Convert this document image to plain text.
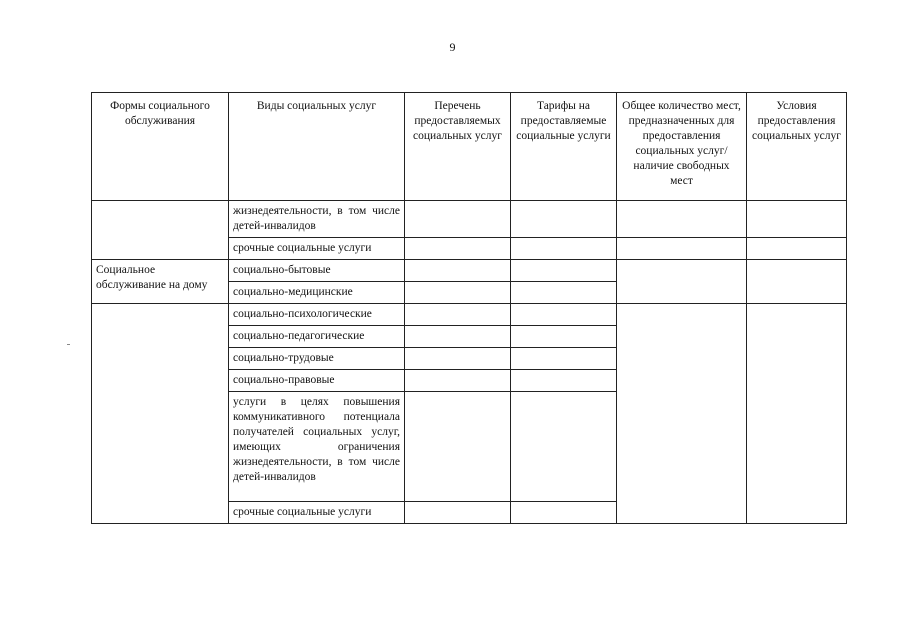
9
Формы социального обслуживания	Виды социальных услуг	Перечень предоставляемых социальных услуг	Тарифы на предоставляемые социальные услуги	Общее количество мест, предназначенных для предоставления социальных услуг/наличие свободных мест	Условия предоставления социальных услуг
	жизнедеятельности, в том числе детей-инвалидов				
	срочные социальные услуги				
Социальное обслуживание на дому	социально-бытовые				
	социально-медицинские				
	социально-психологические				
	социально-педагогические				
	социально-трудовые				
	социально-правовые				
	услуги в целях повышения коммуникативного потенциала получателей социальных услуг, имеющих ограничения жизнедеятельности, в том числе детей-инвалидов				
	срочные социальные услуги				
